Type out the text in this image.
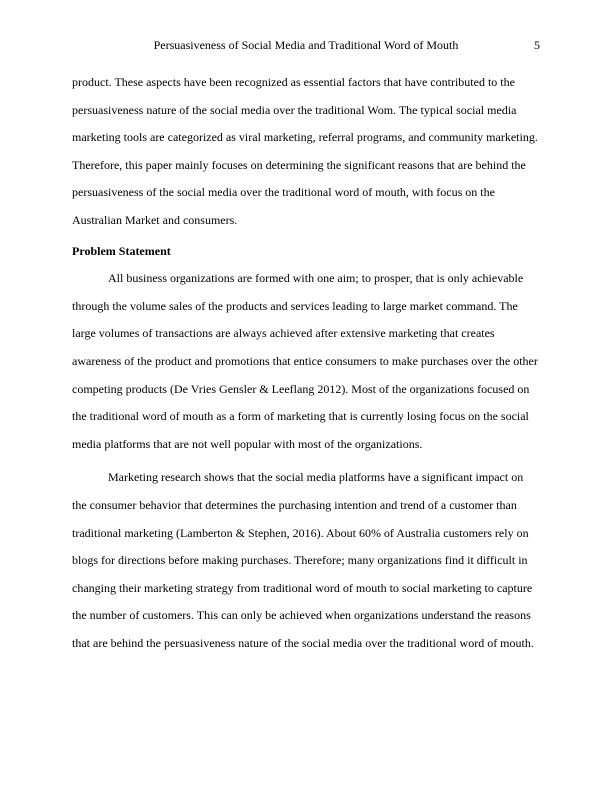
Persuasiveness of Social Media and Traditional Word of Mouth	5
product. These aspects have been recognized as essential factors that have contributed to the
persuasiveness nature of the social media over the traditional Wom. The typical social media
marketing tools are categorized as viral marketing, referral programs, and community marketing.
Therefore, this paper mainly focuses on determining the significant reasons that are behind the
persuasiveness of the social media over the traditional word of mouth, with focus on the
Australian Market and consumers.
Problem Statement
All business organizations are formed with one aim; to prosper, that is only achievable
through the volume sales of the products and services leading to large market command. The
large volumes of transactions are always achieved after extensive marketing that creates
awareness of the product and promotions that entice consumers to make purchases over the other
competing products (De Vries Gensler & Leeflang 2012). Most of the organizations focused on
the traditional word of mouth as a form of marketing that is currently losing focus on the social
media platforms that are not well popular with most of the organizations.
Marketing research shows that the social media platforms have a significant impact on
the consumer behavior that determines the purchasing intention and trend of a customer than
traditional marketing (Lamberton & Stephen, 2016). About 60% of Australia customers rely on
blogs for directions before making purchases. Therefore; many organizations find it difficult in
changing their marketing strategy from traditional word of mouth to social marketing to capture
the number of customers. This can only be achieved when organizations understand the reasons
that are behind the persuasiveness nature of the social media over the traditional word of mouth.
